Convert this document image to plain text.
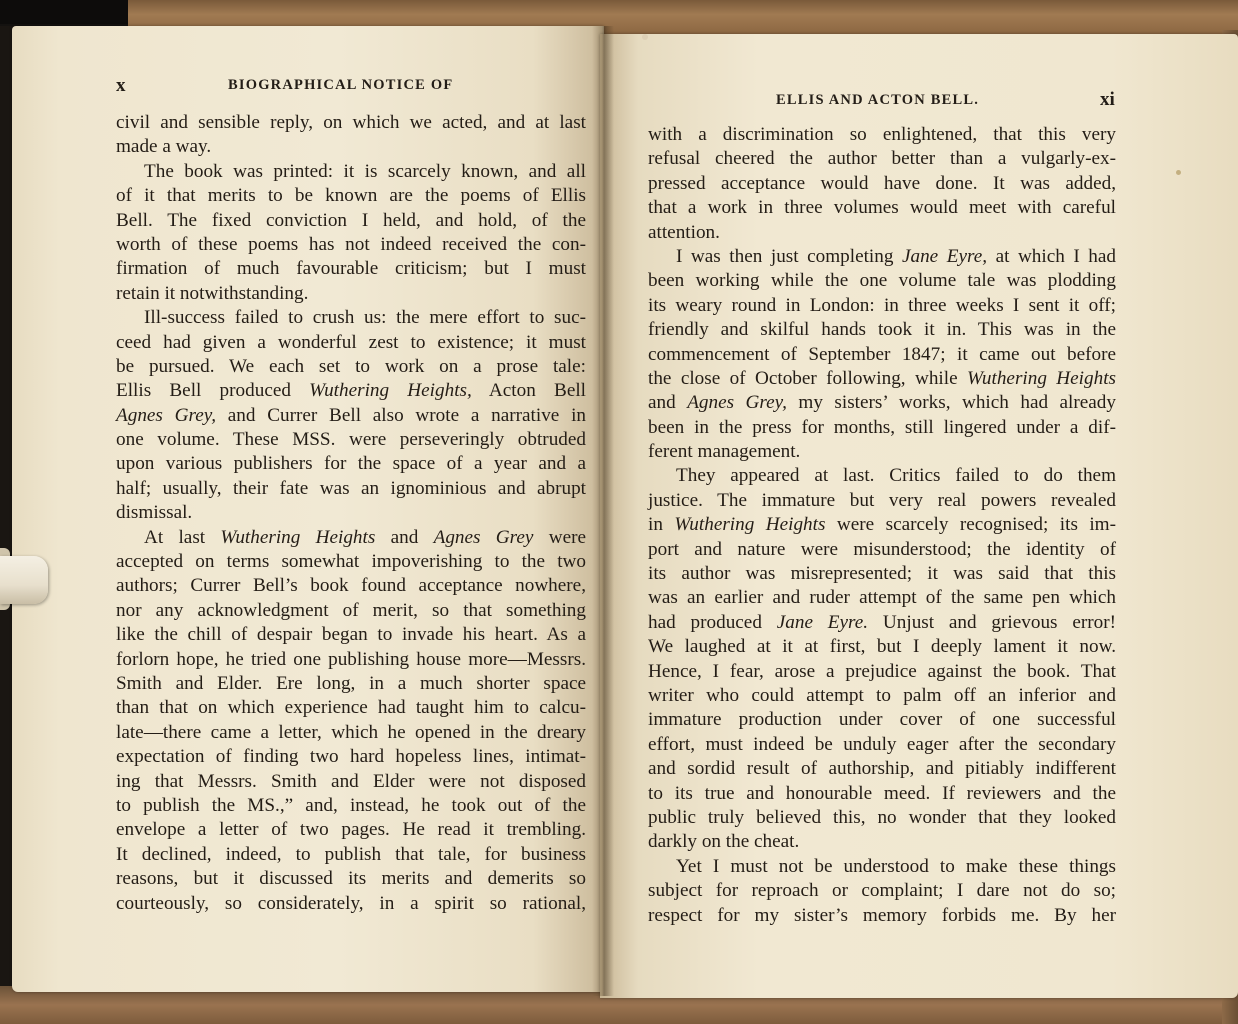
x	BIOGRAPHICAL NOTICE OF
civil and sensible reply, on which we acted, and at last
made a way.
The book was printed: it is scarcely known, and all
of it that merits to be known are the poems of Ellis
Bell. The fixed conviction I held, and hold, of the
worth of these poems has not indeed received the con-
firmation of much favourable criticism; but I must
retain it notwithstanding.
Ill-success failed to crush us: the mere effort to suc-
ceed had given a wonderful zest to existence; it must
be pursued. We each set to work on a prose tale:
Ellis Bell produced Wuthering Heights, Acton Bell
Agnes Grey, and Currer Bell also wrote a narrative in
one volume. These MSS. were perseveringly obtruded
upon various publishers for the space of a year and a
half; usually, their fate was an ignominious and abrupt
dismissal.
At last Wuthering Heights and Agnes Grey were
accepted on terms somewhat impoverishing to the two
authors; Currer Bell’s book found acceptance nowhere,
nor any acknowledgment of merit, so that something
like the chill of despair began to invade his heart. As a
forlorn hope, he tried one publishing house more—Messrs.
Smith and Elder. Ere long, in a much shorter space
than that on which experience had taught him to calcu-
late—there came a letter, which he opened in the dreary
expectation of finding two hard hopeless lines, intimat-
ing that Messrs. Smith and Elder were not disposed
to publish the MS.,” and, instead, he took out of the
envelope a letter of two pages. He read it trembling.
It declined, indeed, to publish that tale, for business
reasons, but it discussed its merits and demerits so
courteously, so considerately, in a spirit so rational,
ELLIS AND ACTON BELL.	xi
with a discrimination so enlightened, that this very
refusal cheered the author better than a vulgarly-ex-
pressed acceptance would have done. It was added,
that a work in three volumes would meet with careful
attention.
I was then just completing Jane Eyre, at which I had
been working while the one volume tale was plodding
its weary round in London: in three weeks I sent it off;
friendly and skilful hands took it in. This was in the
commencement of September 1847; it came out before
the close of October following, while Wuthering Heights
and Agnes Grey, my sisters’ works, which had already
been in the press for months, still lingered under a dif-
ferent management.
They appeared at last. Critics failed to do them
justice. The immature but very real powers revealed
in Wuthering Heights were scarcely recognised; its im-
port and nature were misunderstood; the identity of
its author was misrepresented; it was said that this
was an earlier and ruder attempt of the same pen which
had produced Jane Eyre. Unjust and grievous error!
We laughed at it at first, but I deeply lament it now.
Hence, I fear, arose a prejudice against the book. That
writer who could attempt to palm off an inferior and
immature production under cover of one successful
effort, must indeed be unduly eager after the secondary
and sordid result of authorship, and pitiably indifferent
to its true and honourable meed. If reviewers and the
public truly believed this, no wonder that they looked
darkly on the cheat.
Yet I must not be understood to make these things
subject for reproach or complaint; I dare not do so;
respect for my sister’s memory forbids me. By her
